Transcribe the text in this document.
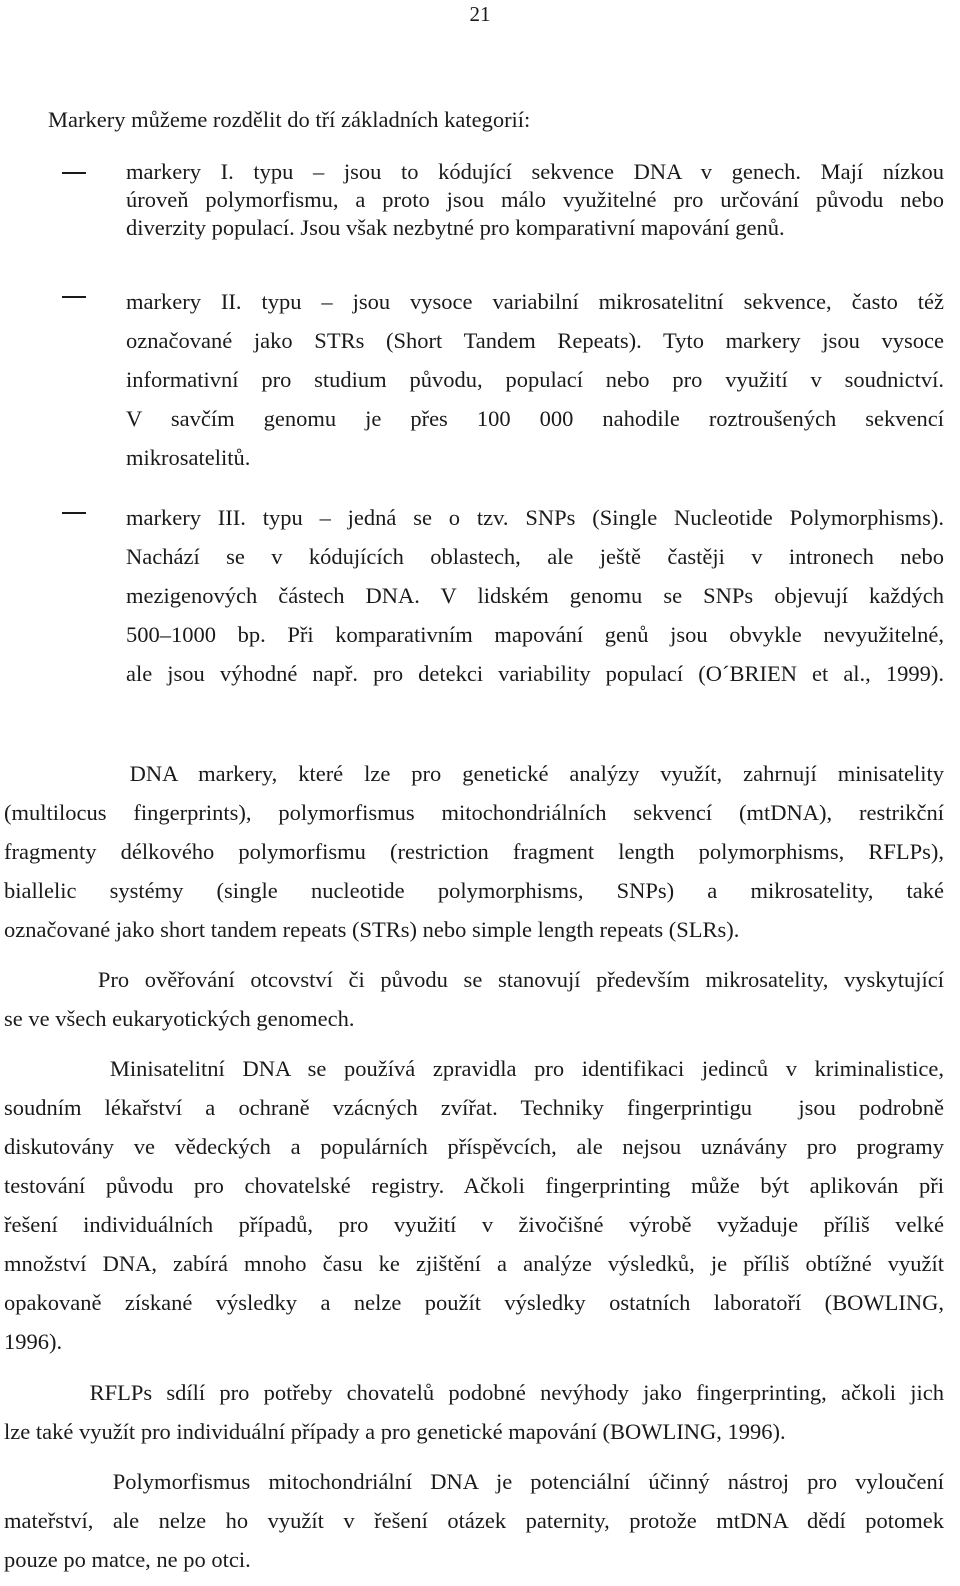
21
Markery můžeme rozdělit do tří základních kategorií:
markery I. typu – jsou to kódující sekvence DNA v genech. Mají nízkou
úroveň polymorfismu, a proto jsou málo využitelné pro určování původu nebo
diverzity populací. Jsou však nezbytné pro komparativní mapování genů.
markery II. typu – jsou vysoce variabilní mikrosatelitní sekvence, často též
označované jako STRs (Short Tandem Repeats). Tyto markery jsou vysoce
informativní pro studium původu, populací nebo pro využití v soudnictví.
V savčím genomu je přes 100 000 nahodile roztroušených sekvencí
mikrosatelitů.
markery III. typu – jedná se o tzv. SNPs (Single Nucleotide Polymorphisms).
Nachází se v kódujících oblastech, ale ještě častěji v intronech nebo
mezigenových částech DNA. V lidském genomu se SNPs objevují každých
500–1000 bp. Při komparativním mapování genů jsou obvykle nevyužitelné,
ale jsou výhodné např. pro detekci variability populací (O´BRIEN et al., 1999).
DNA markery, které lze pro genetické analýzy využít, zahrnují minisatelity
(multilocus fingerprints), polymorfismus mitochondriálních sekvencí (mtDNA), restrikční
fragmenty délkového polymorfismu (restriction fragment length polymorphisms, RFLPs),
biallelic systémy (single nucleotide polymorphisms, SNPs) a mikrosatelity, také
označované jako short tandem repeats (STRs) nebo simple length repeats (SLRs).
Pro ověřování otcovství či původu se stanovují především mikrosatelity, vyskytující
se ve všech eukaryotických genomech.
Minisatelitní DNA se používá zpravidla pro identifikaci jedinců v kriminalistice,
soudním lékařství a ochraně vzácných zvířat. Techniky fingerprintigu  jsou podrobně
diskutovány ve vědeckých a populárních příspěvcích, ale nejsou uznávány pro programy
testování původu pro chovatelské registry. Ačkoli fingerprinting může být aplikován při
řešení individuálních případů, pro využití v živočišné výrobě vyžaduje příliš velké
množství DNA, zabírá mnoho času ke zjištění a analýze výsledků, je příliš obtížné využít
opakovaně získané výsledky a nelze použít výsledky ostatních laboratoří (BOWLING,
1996).
RFLPs sdílí pro potřeby chovatelů podobné nevýhody jako fingerprinting, ačkoli jich
lze také využít pro individuální případy a pro genetické mapování (BOWLING, 1996).
Polymorfismus mitochondriální DNA je potenciální účinný nástroj pro vyloučení
mateřství, ale nelze ho využít v řešení otázek paternity, protože mtDNA dědí potomek
pouze po matce, ne po otci.
